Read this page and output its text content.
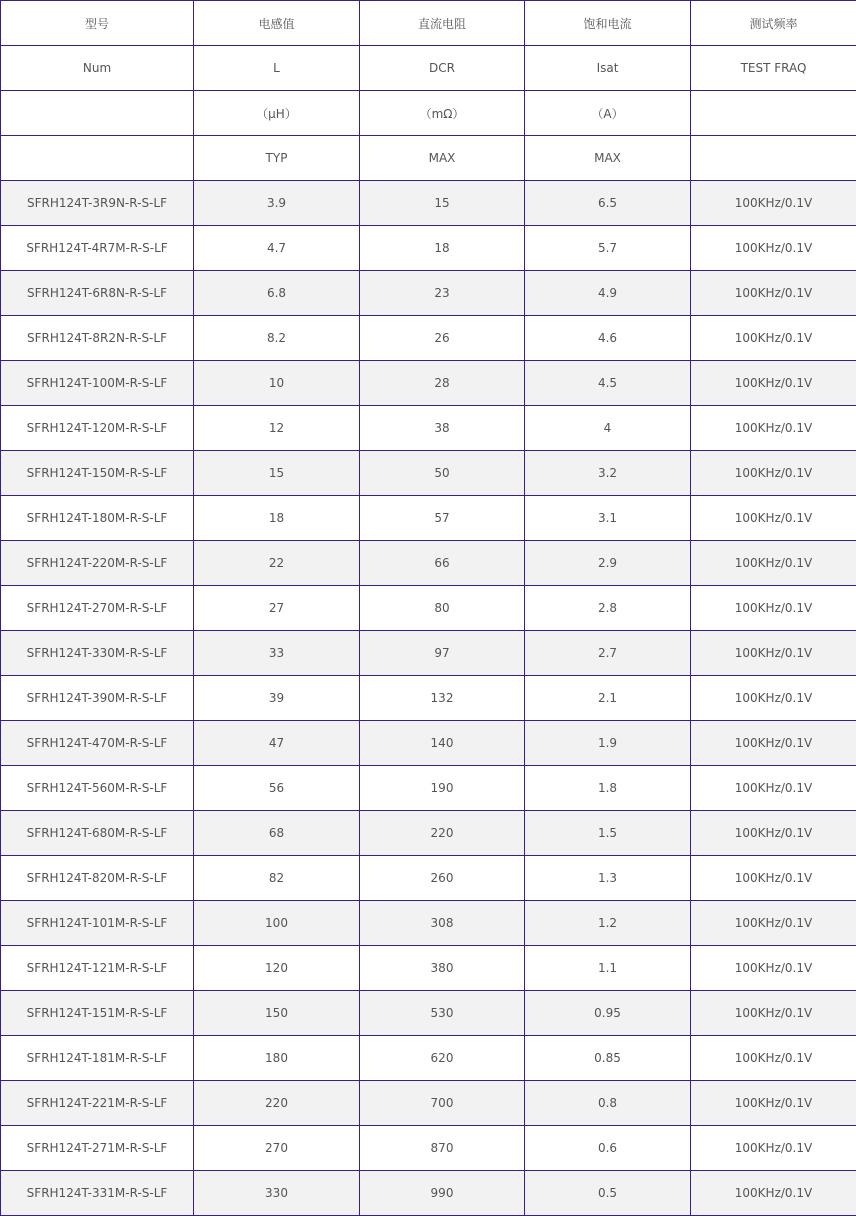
型号	电感值	直流电阻	饱和电流	测试频率
Num	L	DCR	Isat	TEST FRAQ
	（μH）	（mΩ）	（A）	
	TYP	MAX	MAX	
SFRH124T-3R9N-R-S-LF	3.9	15	6.5	100KHz/0.1V
SFRH124T-4R7M-R-S-LF	4.7	18	5.7	100KHz/0.1V
SFRH124T-6R8N-R-S-LF	6.8	23	4.9	100KHz/0.1V
SFRH124T-8R2N-R-S-LF	8.2	26	4.6	100KHz/0.1V
SFRH124T-100M-R-S-LF	10	28	4.5	100KHz/0.1V
SFRH124T-120M-R-S-LF	12	38	4	100KHz/0.1V
SFRH124T-150M-R-S-LF	15	50	3.2	100KHz/0.1V
SFRH124T-180M-R-S-LF	18	57	3.1	100KHz/0.1V
SFRH124T-220M-R-S-LF	22	66	2.9	100KHz/0.1V
SFRH124T-270M-R-S-LF	27	80	2.8	100KHz/0.1V
SFRH124T-330M-R-S-LF	33	97	2.7	100KHz/0.1V
SFRH124T-390M-R-S-LF	39	132	2.1	100KHz/0.1V
SFRH124T-470M-R-S-LF	47	140	1.9	100KHz/0.1V
SFRH124T-560M-R-S-LF	56	190	1.8	100KHz/0.1V
SFRH124T-680M-R-S-LF	68	220	1.5	100KHz/0.1V
SFRH124T-820M-R-S-LF	82	260	1.3	100KHz/0.1V
SFRH124T-101M-R-S-LF	100	308	1.2	100KHz/0.1V
SFRH124T-121M-R-S-LF	120	380	1.1	100KHz/0.1V
SFRH124T-151M-R-S-LF	150	530	0.95	100KHz/0.1V
SFRH124T-181M-R-S-LF	180	620	0.85	100KHz/0.1V
SFRH124T-221M-R-S-LF	220	700	0.8	100KHz/0.1V
SFRH124T-271M-R-S-LF	270	870	0.6	100KHz/0.1V
SFRH124T-331M-R-S-LF	330	990	0.5	100KHz/0.1V
